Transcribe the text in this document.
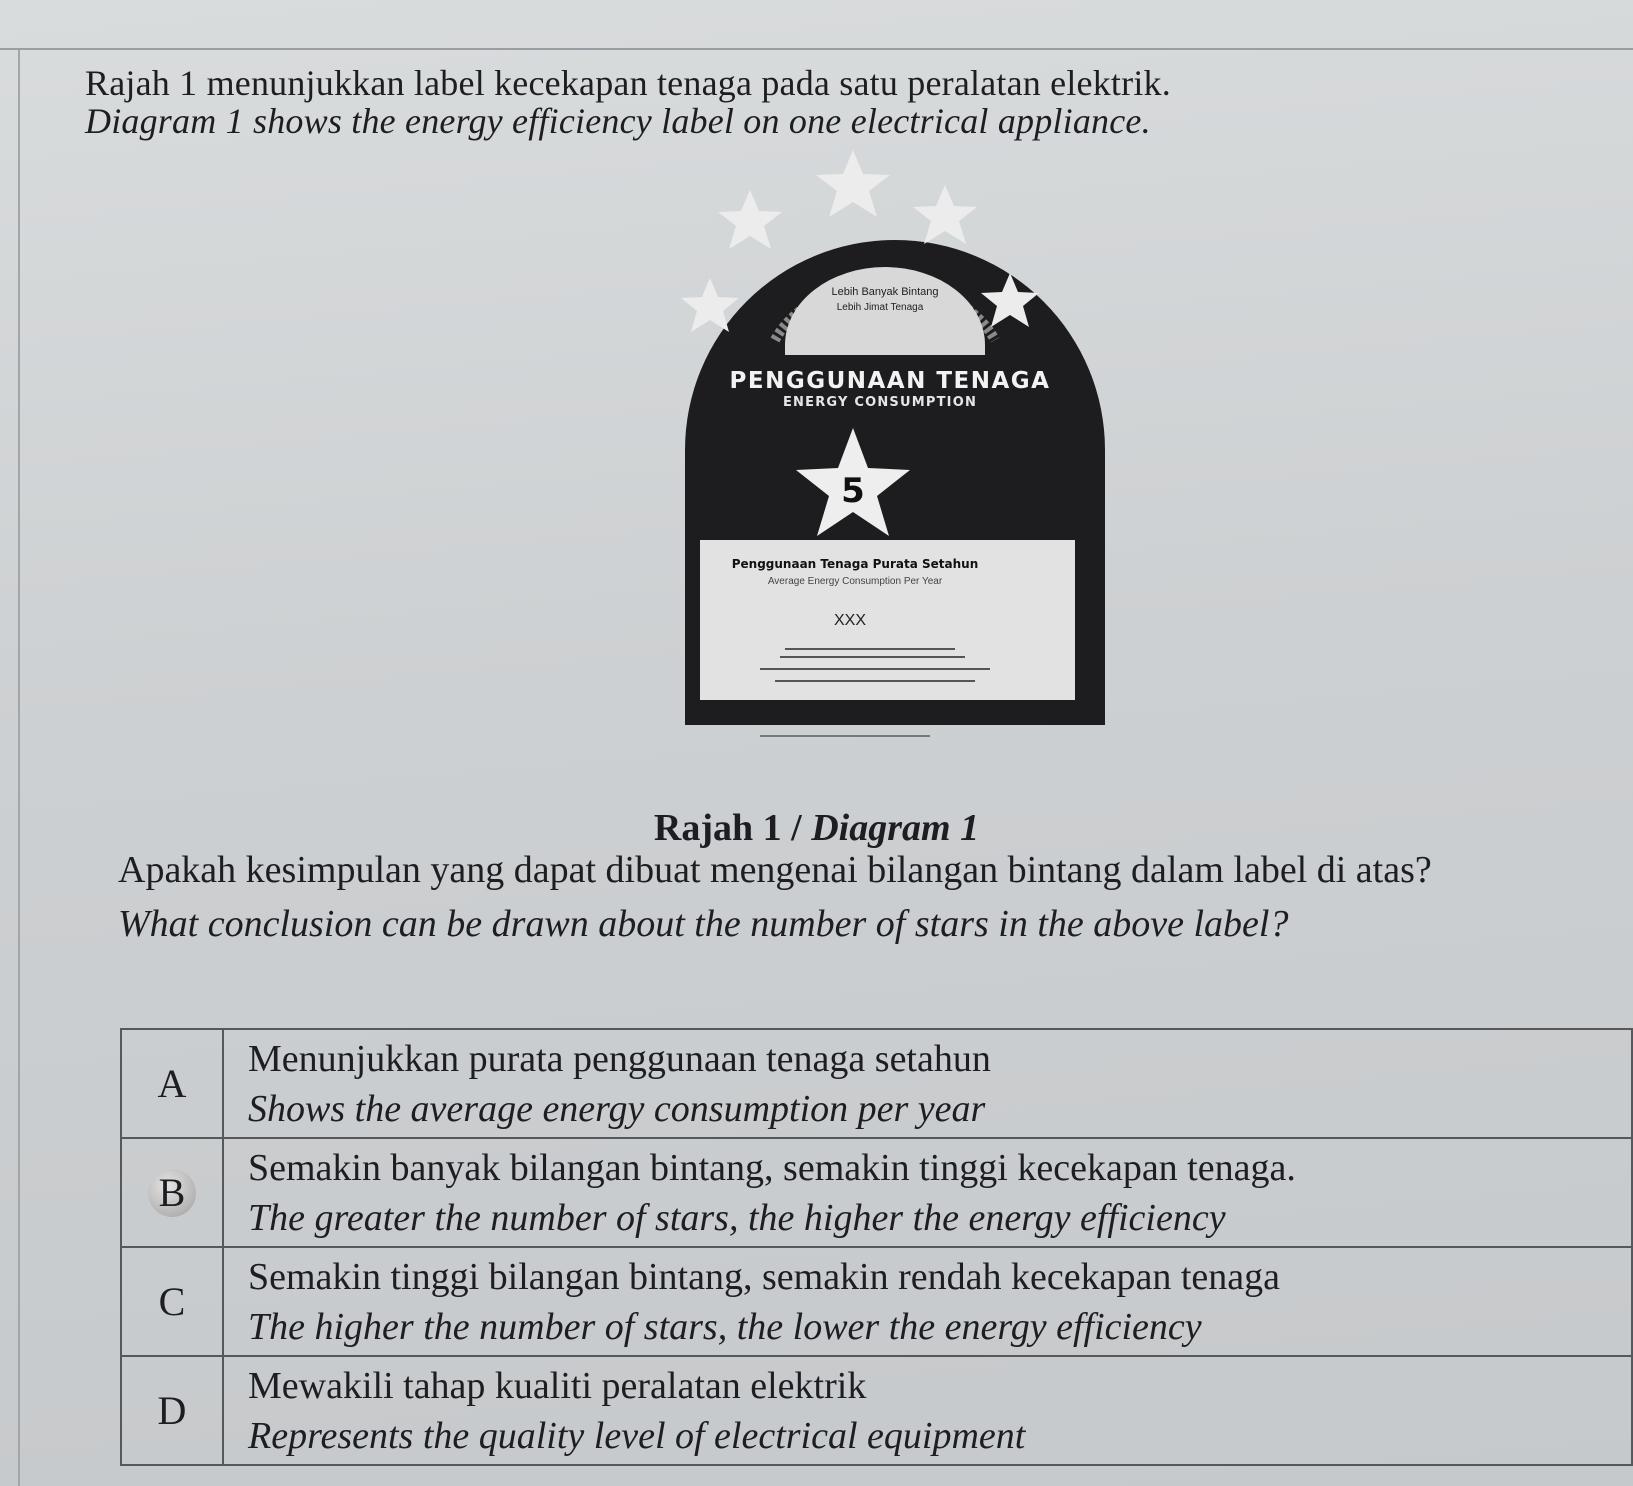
Rajah 1 menunjukkan label kecekapan tenaga pada satu peralatan elektrik.
Diagram 1 shows the energy efficiency label on one electrical appliance.
Lebih Banyak Bintang
Lebih Jimat Tenaga
PENGGUNAAN TENAGA
ENERGY CONSUMPTION
5
Penggunaan Tenaga Purata Setahun
Average Energy Consumption Per Year
XXX
Rajah 1 / Diagram 1
Apakah kesimpulan yang dapat dibuat mengenai bilangan bintang dalam label di atas?
What conclusion can be drawn about the number of stars in the above label?
A	Menunjukkan purata penggunaan tenaga setahun
Shows the average energy consumption per year

B	Semakin banyak bilangan bintang, semakin tinggi kecekapan tenaga.
The greater the number of stars, the higher the energy efficiency

C	Semakin tinggi bilangan bintang, semakin rendah kecekapan tenaga
The higher the number of stars, the lower the energy efficiency

D	Mewakili tahap kualiti peralatan elektrik
Represents the quality level of electrical equipment
